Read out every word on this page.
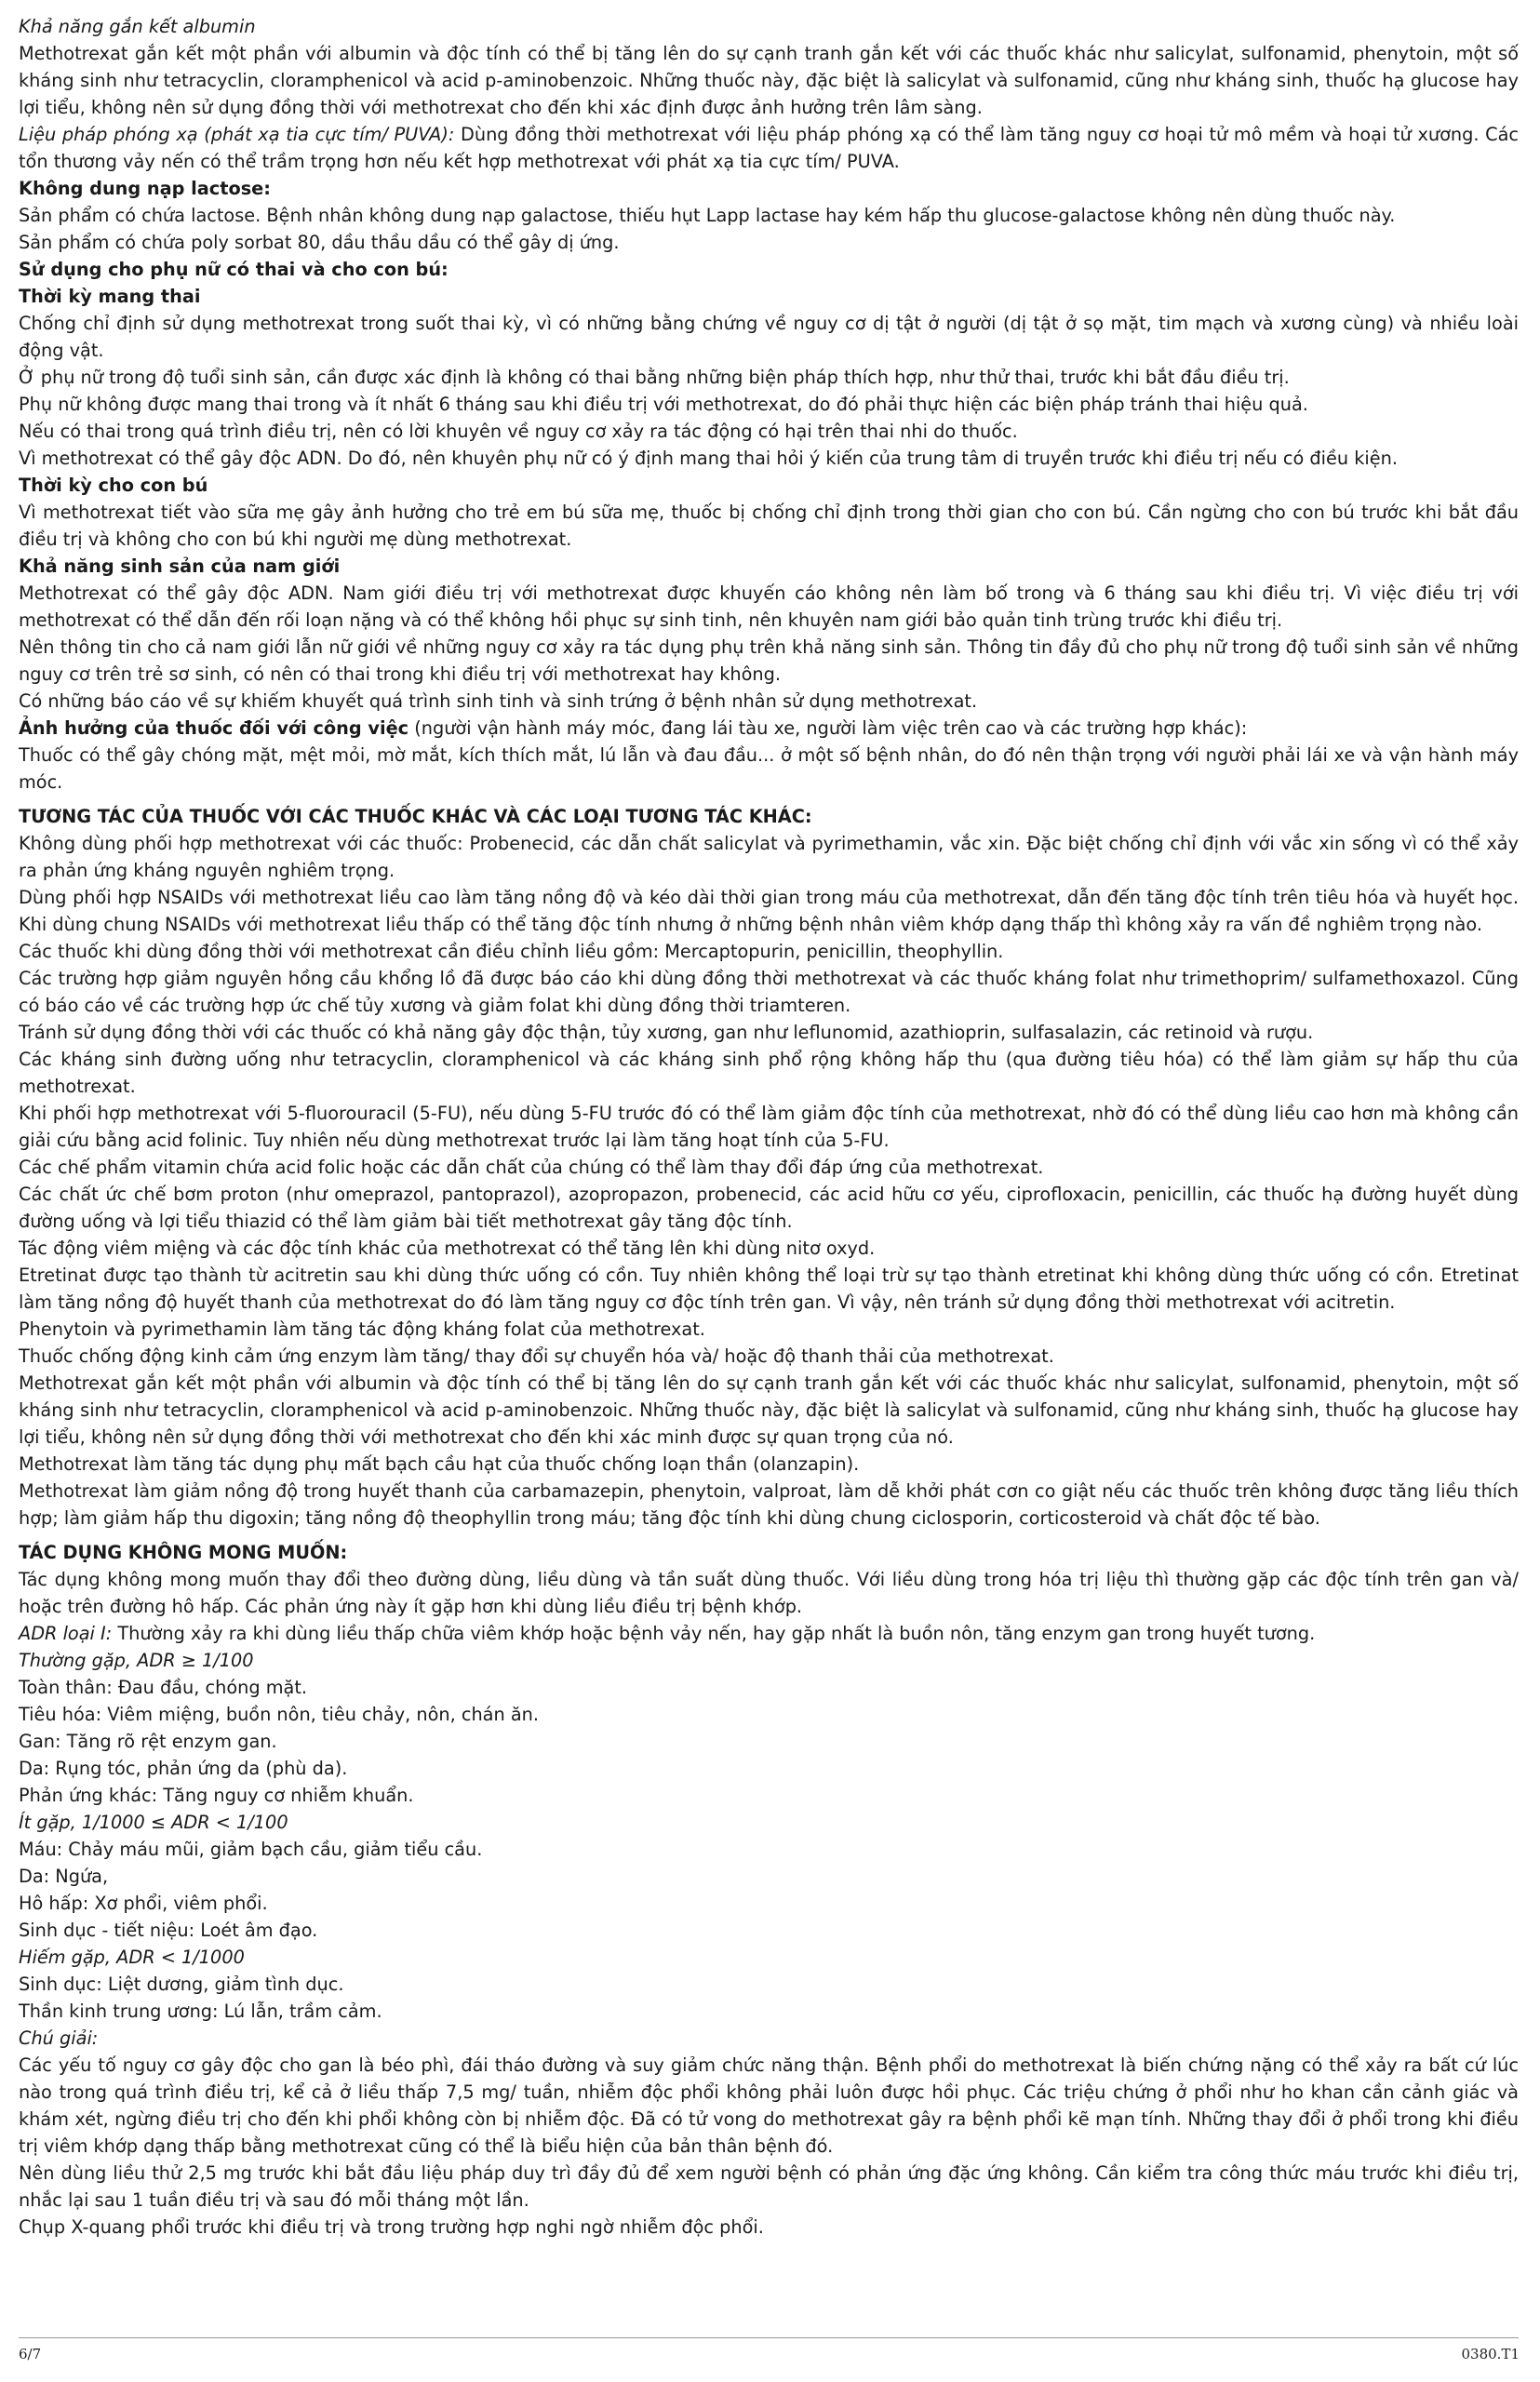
Khả năng gắn kết albumin

Methotrexat gắn kết một phần với albumin và độc tính có thể bị tăng lên do sự cạnh tranh gắn kết với các thuốc khác như salicylat, sulfonamid, phenytoin, một số kháng sinh như tetracyclin, cloramphenicol và acid p-aminobenzoic. Những thuốc này, đặc biệt là salicylat và sulfonamid, cũng như kháng sinh, thuốc hạ glucose hay lợi tiểu, không nên sử dụng đồng thời với methotrexat cho đến khi xác định được ảnh hưởng trên lâm sàng.

Liệu pháp phóng xạ (phát xạ tia cực tím/ PUVA): Dùng đồng thời methotrexat với liệu pháp phóng xạ có thể làm tăng nguy cơ hoại tử mô mềm và hoại tử xương. Các tổn thương vảy nến có thể trầm trọng hơn nếu kết hợp methotrexat với phát xạ tia cực tím/ PUVA.

Không dung nạp lactose:

Sản phẩm có chứa lactose. Bệnh nhân không dung nạp galactose, thiếu hụt Lapp lactase hay kém hấp thu glucose-galactose không nên dùng thuốc này.

Sản phẩm có chứa poly sorbat 80, dầu thầu dầu có thể gây dị ứng.

Sử dụng cho phụ nữ có thai và cho con bú:

Thời kỳ mang thai

Chống chỉ định sử dụng methotrexat trong suốt thai kỳ, vì có những bằng chứng về nguy cơ dị tật ở người (dị tật ở sọ mặt, tim mạch và xương cùng) và nhiều loài động vật.

Ở phụ nữ trong độ tuổi sinh sản, cần được xác định là không có thai bằng những biện pháp thích hợp, như thử thai, trước khi bắt đầu điều trị.

Phụ nữ không được mang thai trong và ít nhất 6 tháng sau khi điều trị với methotrexat, do đó phải thực hiện các biện pháp tránh thai hiệu quả.

Nếu có thai trong quá trình điều trị, nên có lời khuyên về nguy cơ xảy ra tác động có hại trên thai nhi do thuốc.

Vì methotrexat có thể gây độc ADN. Do đó, nên khuyên phụ nữ có ý định mang thai hỏi ý kiến của trung tâm di truyền trước khi điều trị nếu có điều kiện.

Thời kỳ cho con bú

Vì methotrexat tiết vào sữa mẹ gây ảnh hưởng cho trẻ em bú sữa mẹ, thuốc bị chống chỉ định trong thời gian cho con bú. Cần ngừng cho con bú trước khi bắt đầu điều trị và không cho con bú khi người mẹ dùng methotrexat.

Khả năng sinh sản của nam giới

Methotrexat có thể gây độc ADN. Nam giới điều trị với methotrexat được khuyến cáo không nên làm bố trong và 6 tháng sau khi điều trị. Vì việc điều trị với methotrexat có thể dẫn đến rối loạn nặng và có thể không hồi phục sự sinh tinh, nên khuyên nam giới bảo quản tinh trùng trước khi điều trị.

Nên thông tin cho cả nam giới lẫn nữ giới về những nguy cơ xảy ra tác dụng phụ trên khả năng sinh sản. Thông tin đầy đủ cho phụ nữ trong độ tuổi sinh sản về những nguy cơ trên trẻ sơ sinh, có nên có thai trong khi điều trị với methotrexat hay không.

Có những báo cáo về sự khiếm khuyết quá trình sinh tinh và sinh trứng ở bệnh nhân sử dụng methotrexat.

Ảnh hưởng của thuốc đối với công việc (người vận hành máy móc, đang lái tàu xe, người làm việc trên cao và các trường hợp khác):

Thuốc có thể gây chóng mặt, mệt mỏi, mờ mắt, kích thích mắt, lú lẫn và đau đầu... ở một số bệnh nhân, do đó nên thận trọng với người phải lái xe và vận hành máy móc.

TƯƠNG TÁC CỦA THUỐC VỚI CÁC THUỐC KHÁC VÀ CÁC LOẠI TƯƠNG TÁC KHÁC:

Không dùng phối hợp methotrexat với các thuốc: Probenecid, các dẫn chất salicylat và pyrimethamin, vắc xin. Đặc biệt chống chỉ định với vắc xin sống vì có thể xảy ra phản ứng kháng nguyên nghiêm trọng.

Dùng phối hợp NSAIDs với methotrexat liều cao làm tăng nồng độ và kéo dài thời gian trong máu của methotrexat, dẫn đến tăng độc tính trên tiêu hóa và huyết học. Khi dùng chung NSAIDs với methotrexat liều thấp có thể tăng độc tính nhưng ở những bệnh nhân viêm khớp dạng thấp thì không xảy ra vấn đề nghiêm trọng nào.

Các thuốc khi dùng đồng thời với methotrexat cần điều chỉnh liều gồm: Mercaptopurin, penicillin, theophyllin.

Các trường hợp giảm nguyên hồng cầu khổng lồ đã được báo cáo khi dùng đồng thời methotrexat và các thuốc kháng folat như trimethoprim/ sulfamethoxazol. Cũng có báo cáo về các trường hợp ức chế tủy xương và giảm folat khi dùng đồng thời triamteren.

Tránh sử dụng đồng thời với các thuốc có khả năng gây độc thận, tủy xương, gan như leflunomid, azathioprin, sulfasalazin, các retinoid và rượu.

Các kháng sinh đường uống như tetracyclin, cloramphenicol và các kháng sinh phổ rộng không hấp thu (qua đường tiêu hóa) có thể làm giảm sự hấp thu của methotrexat.

Khi phối hợp methotrexat với 5-fluorouracil (5-FU), nếu dùng 5-FU trước đó có thể làm giảm độc tính của methotrexat, nhờ đó có thể dùng liều cao hơn mà không cần giải cứu bằng acid folinic. Tuy nhiên nếu dùng methotrexat trước lại làm tăng hoạt tính của 5-FU.

Các chế phẩm vitamin chứa acid folic hoặc các dẫn chất của chúng có thể làm thay đổi đáp ứng của methotrexat.

Các chất ức chế bơm proton (như omeprazol, pantoprazol), azopropazon, probenecid, các acid hữu cơ yếu, ciprofloxacin, penicillin, các thuốc hạ đường huyết dùng đường uống và lợi tiểu thiazid có thể làm giảm bài tiết methotrexat gây tăng độc tính.

Tác động viêm miệng và các độc tính khác của methotrexat có thể tăng lên khi dùng nitơ oxyd.

Etretinat được tạo thành từ acitretin sau khi dùng thức uống có cồn. Tuy nhiên không thể loại trừ sự tạo thành etretinat khi không dùng thức uống có cồn. Etretinat làm tăng nồng độ huyết thanh của methotrexat do đó làm tăng nguy cơ độc tính trên gan. Vì vậy, nên tránh sử dụng đồng thời methotrexat với acitretin.

Phenytoin và pyrimethamin làm tăng tác động kháng folat của methotrexat.

Thuốc chống động kinh cảm ứng enzym làm tăng/ thay đổi sự chuyển hóa và/ hoặc độ thanh thải của methotrexat.

Methotrexat gắn kết một phần với albumin và độc tính có thể bị tăng lên do sự cạnh tranh gắn kết với các thuốc khác như salicylat, sulfonamid, phenytoin, một số kháng sinh như tetracyclin, cloramphenicol và acid p-aminobenzoic. Những thuốc này, đặc biệt là salicylat và sulfonamid, cũng như kháng sinh, thuốc hạ glucose hay lợi tiểu, không nên sử dụng đồng thời với methotrexat cho đến khi xác minh được sự quan trọng của nó.

Methotrexat làm tăng tác dụng phụ mất bạch cầu hạt của thuốc chống loạn thần (olanzapin).

Methotrexat làm giảm nồng độ trong huyết thanh của carbamazepin, phenytoin, valproat, làm dễ khởi phát cơn co giật nếu các thuốc trên không được tăng liều thích hợp; làm giảm hấp thu digoxin; tăng nồng độ theophyllin trong máu; tăng độc tính khi dùng chung ciclosporin, corticosteroid và chất độc tế bào.

TÁC DỤNG KHÔNG MONG MUỐN:

Tác dụng không mong muốn thay đổi theo đường dùng, liều dùng và tần suất dùng thuốc. Với liều dùng trong hóa trị liệu thì thường gặp các độc tính trên gan và/ hoặc trên đường hô hấp. Các phản ứng này ít gặp hơn khi dùng liều điều trị bệnh khớp.

ADR loại I: Thường xảy ra khi dùng liều thấp chữa viêm khớp hoặc bệnh vảy nến, hay gặp nhất là buồn nôn, tăng enzym gan trong huyết tương.

Thường gặp, ADR ≥ 1/100

Toàn thân: Đau đầu, chóng mặt.

Tiêu hóa: Viêm miệng, buồn nôn, tiêu chảy, nôn, chán ăn.

Gan: Tăng rõ rệt enzym gan.

Da: Rụng tóc, phản ứng da (phù da).

Phản ứng khác: Tăng nguy cơ nhiễm khuẩn.

Ít gặp, 1/1000 ≤ ADR < 1/100

Máu: Chảy máu mũi, giảm bạch cầu, giảm tiểu cầu.

Da: Ngứa,

Hô hấp: Xơ phổi, viêm phổi.

Sinh dục - tiết niệu: Loét âm đạo.

Hiếm gặp, ADR < 1/1000

Sinh dục: Liệt dương, giảm tình dục.

Thần kinh trung ương: Lú lẫn, trầm cảm.

Chú giải:

Các yếu tố nguy cơ gây độc cho gan là béo phì, đái tháo đường và suy giảm chức năng thận. Bệnh phổi do methotrexat là biến chứng nặng có thể xảy ra bất cứ lúc nào trong quá trình điều trị, kể cả ở liều thấp 7,5 mg/ tuần, nhiễm độc phổi không phải luôn được hồi phục. Các triệu chứng ở phổi như ho khan cần cảnh giác và khám xét, ngừng điều trị cho đến khi phổi không còn bị nhiễm độc. Đã có tử vong do methotrexat gây ra bệnh phổi kẽ mạn tính. Những thay đổi ở phổi trong khi điều trị viêm khớp dạng thấp bằng methotrexat cũng có thể là biểu hiện của bản thân bệnh đó.

Nên dùng liều thử 2,5 mg trước khi bắt đầu liệu pháp duy trì đầy đủ để xem người bệnh có phản ứng đặc ứng không. Cần kiểm tra công thức máu trước khi điều trị, nhắc lại sau 1 tuần điều trị và sau đó mỗi tháng một lần.

Chụp X-quang phổi trước khi điều trị và trong trường hợp nghi ngờ nhiễm độc phổi.

6/7	0380.T1
